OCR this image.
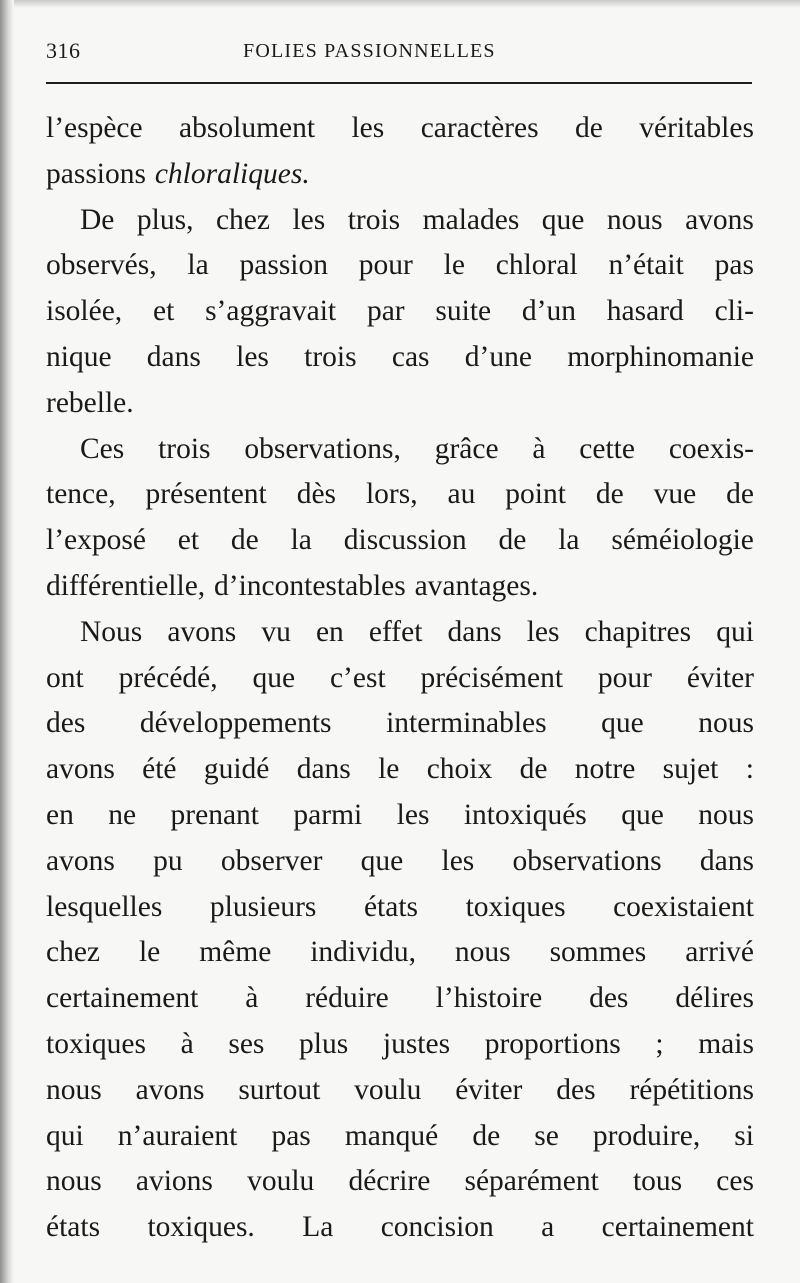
316	FOLIES PASSIONNELLES
l’espèce absolument les caractères de véritables
passions chloraliques.
De plus, chez les trois malades que nous avons
observés, la passion pour le chloral n’était pas
isolée, et s’aggravait par suite d’un hasard cli-
nique dans les trois cas d’une morphinomanie
rebelle.
Ces trois observations, grâce à cette coexis-
tence, présentent dès lors, au point de vue de
l’exposé et de la discussion de la séméiologie
différentielle, d’incontestables avantages.
Nous avons vu en effet dans les chapitres qui
ont précédé, que c’est précisément pour éviter
des développements interminables que nous
avons été guidé dans le choix de notre sujet :
en ne prenant parmi les intoxiqués que nous
avons pu observer que les observations dans
lesquelles plusieurs états toxiques coexistaient
chez le même individu, nous sommes arrivé
certainement à réduire l’histoire des délires
toxiques à ses plus justes proportions ; mais
nous avons surtout voulu éviter des répétitions
qui n’auraient pas manqué de se produire, si
nous avions voulu décrire séparément tous ces
états toxiques. La concision a certainement
